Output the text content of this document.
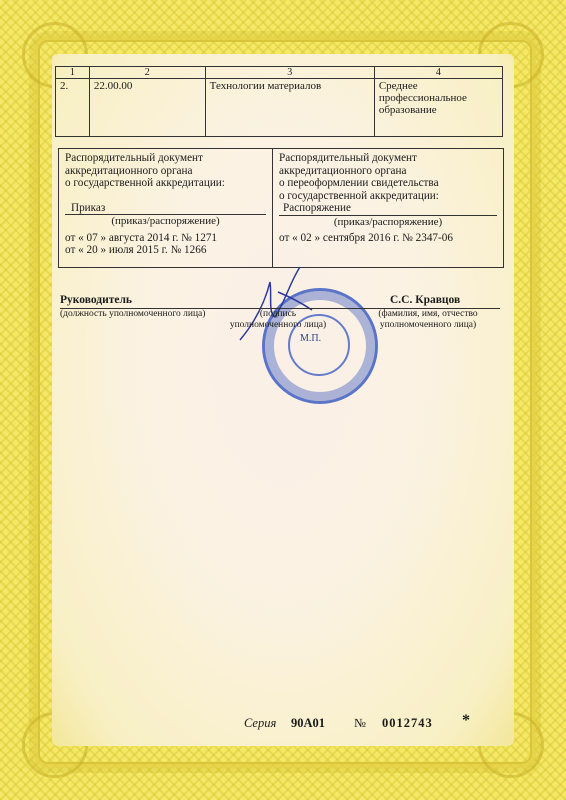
1	2	3	4
2.	22.00.00	Технологии материалов	Среднее профессиональное образование
Распорядительный документ
аккредитационного органа
о государственной аккредитации:
Приказ
(приказ/распоряжение)
от « 07 » августа 2014 г. № 1271
от « 20 » июля 2015 г. № 1266
Распорядительный документ
аккредитационного органа
о переоформлении свидетельства
о государственной аккредитации:
Распоряжение
(приказ/распоряжение)
от « 02 » сентября 2016 г. № 2347-06
М.П.
Руководитель	С.С. Кравцов
(должность уполномоченного лица)	(подпись
уполномоченного лица)
(фамилия, имя, отчество
уполномоченного лица)
Серия 90А01 № 0012743 *
